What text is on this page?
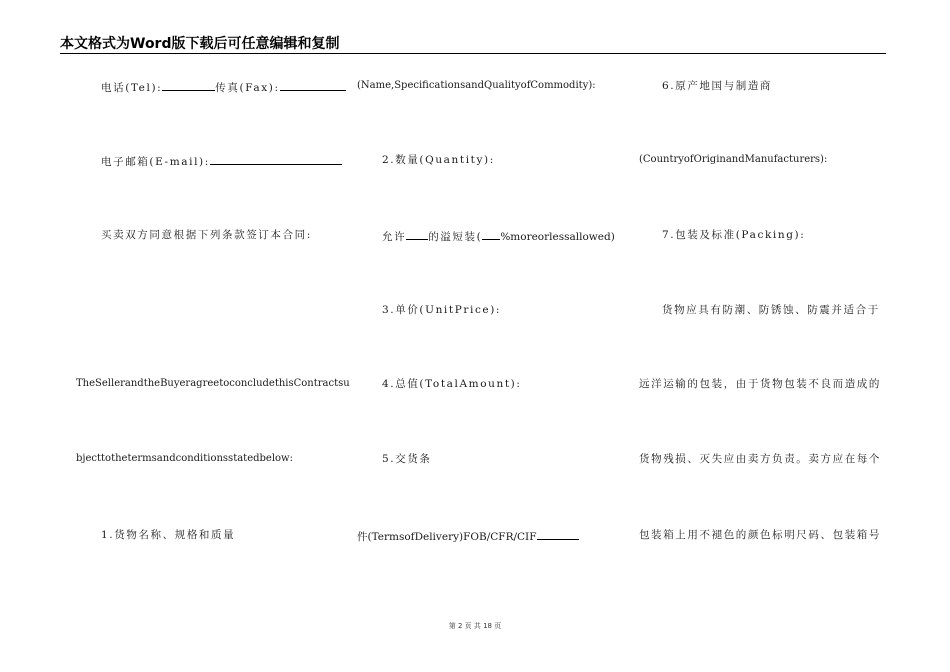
本文格式为Word版下载后可任意编辑和复制
电话(Tel):	传真(Fax):
电子邮箱(E-mail):
买卖双方同意根据下列条款签订本合同:
TheSellerandtheBuyeragreetoconcludethisContractsu
bjecttothetermsandconditionsstatedbelow:
1.货物名称、规格和质量
(Name,SpecificationsandQualityofCommodity):
2.数量(Quantity):
允许 的溢短装( %moreorlessallowed)
3.单价(UnitPrice):
4.总值(TotalAmount):
5.交货条
件(TermsofDelivery)FOB/CFR/CIF
6.原产地国与制造商
(CountryofOriginandManufacturers):
7.包装及标准(Packing):
货物应具有防潮、防锈蚀、防震并适合于
远洋运输的包装，由于货物包装不良而造成的
货物残损、灭失应由卖方负责。卖方应在每个
包装箱上用不褪色的颜色标明尺码、包装箱号
第 2 页 共 18 页
